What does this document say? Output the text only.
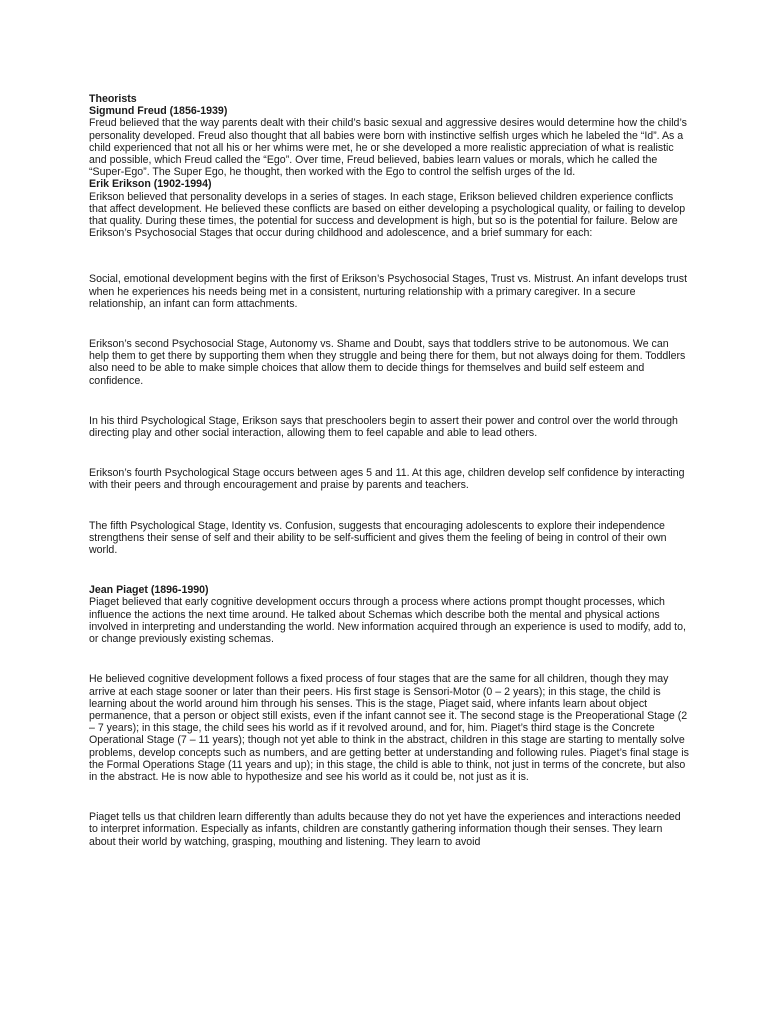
Theorists
Sigmund Freud (1856-1939)

Freud believed that the way parents dealt with their child’s basic sexual and aggressive desires would determine how the child’s personality developed. Freud also thought that all babies were born with instinctive selfish urges which he labeled the “Id”. As a child experienced that not all his or her whims were met, he or she developed a more realistic appreciation of what is realistic and possible, which Freud called the “Ego”. Over time, Freud believed, babies learn values or morals, which he called the “Super-Ego”. The Super Ego, he thought, then worked with the Ego to control the selfish urges of the Id.

Erik Erikson (1902-1994)

Erikson believed that personality develops in a series of stages. In each stage, Erikson believed children experience conflicts that affect development. He believed these conflicts are based on either developing a psychological quality, or failing to develop that quality. During these times, the potential for success and development is high, but so is the potential for failure. Below are Erikson’s Psychosocial Stages that occur during childhood and adolescence, and a brief summary for each:

Social, emotional development begins with the first of Erikson’s Psychosocial Stages, Trust vs. Mistrust. An infant develops trust when he experiences his needs being met in a consistent, nurturing relationship with a primary caregiver. In a secure relationship, an infant can form attachments.

Erikson’s second Psychosocial Stage, Autonomy vs. Shame and Doubt, says that toddlers strive to be autonomous. We can help them to get there by supporting them when they struggle and being there for them, but not always doing for them. Toddlers also need to be able to make simple choices that allow them to decide things for themselves and build self esteem and confidence.

In his third Psychological Stage, Erikson says that preschoolers begin to assert their power and control over the world through directing play and other social interaction, allowing them to feel capable and able to lead others.

Erikson’s fourth Psychological Stage occurs between ages 5 and 11. At this age, children develop self confidence by interacting with their peers and through encouragement and praise by parents and teachers.

The fifth Psychological Stage, Identity vs. Confusion, suggests that encouraging adolescents to explore their independence strengthens their sense of self and their ability to be self-sufficient and gives them the feeling of being in control of their own world.

Jean Piaget (1896-1990)

Piaget believed that early cognitive development occurs through a process where actions prompt thought processes, which influence the actions the next time around. He talked about Schemas which describe both the mental and physical actions involved in interpreting and understanding the world. New information acquired through an experience is used to modify, add to, or change previously existing schemas.

He believed cognitive development follows a fixed process of four stages that are the same for all children, though they may arrive at each stage sooner or later than their peers. His first stage is Sensori-Motor (0 – 2 years); in this stage, the child is learning about the world around him through his senses. This is the stage, Piaget said, where infants learn about object permanence, that a person or object still exists, even if the infant cannot see it. The second stage is the Preoperational Stage (2 – 7 years); in this stage, the child sees his world as if it revolved around, and for, him. Piaget’s third stage is the Concrete Operational Stage (7 – 11 years); though not yet able to think in the abstract, children in this stage are starting to mentally solve problems, develop concepts such as numbers, and are getting better at understanding and following rules. Piaget’s final stage is the Formal Operations Stage (11 years and up); in this stage, the child is able to think, not just in terms of the concrete, but also in the abstract. He is now able to hypothesize and see his world as it could be, not just as it is.

Piaget tells us that children learn differently than adults because they do not yet have the experiences and interactions needed to interpret information. Especially as infants, children are constantly gathering information though their senses. They learn about their world by watching, grasping, mouthing and listening. They learn to avoid
